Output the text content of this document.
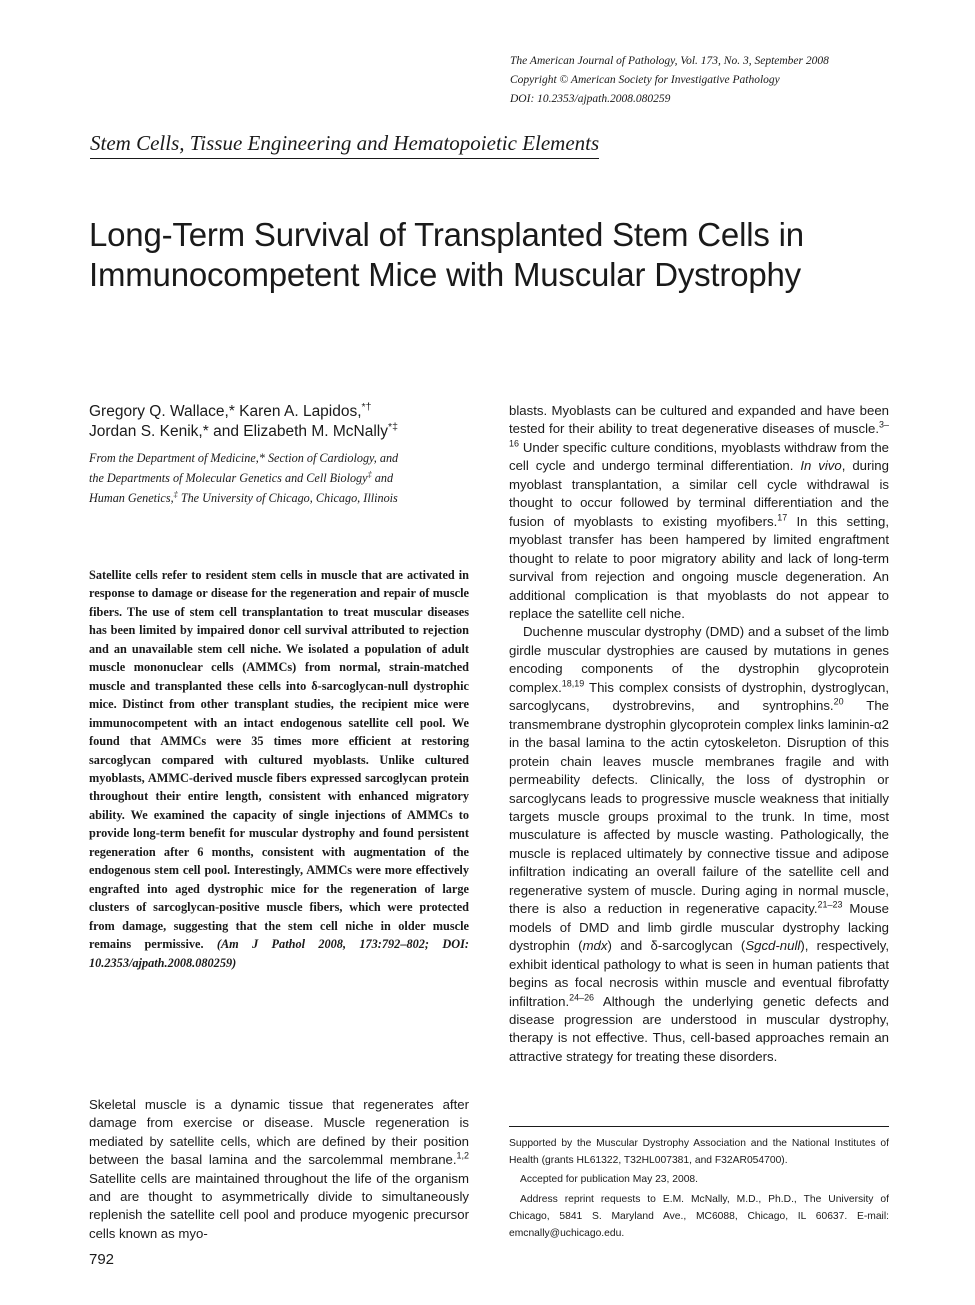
The American Journal of Pathology, Vol. 173, No. 3, September 2008
Copyright © American Society for Investigative Pathology
DOI: 10.2353/ajpath.2008.080259
Stem Cells, Tissue Engineering and Hematopoietic Elements
Long-Term Survival of Transplanted Stem Cells in
Immunocompetent Mice with Muscular Dystrophy
Gregory Q. Wallace,* Karen A. Lapidos,*†
Jordan S. Kenik,* and Elizabeth M. McNally*‡
From the Department of Medicine,* Section of Cardiology, and
the Departments of Molecular Genetics and Cell Biology‡ and
Human Genetics,‡ The University of Chicago, Chicago, Illinois
Satellite cells refer to resident stem cells in muscle that are activated in response to damage or disease for the regeneration and repair of muscle fibers. The use of stem cell transplantation to treat muscular diseases has been limited by impaired donor cell survival attributed to rejection and an unavailable stem cell niche. We isolated a population of adult muscle mononuclear cells (AMMCs) from normal, strain-matched muscle and transplanted these cells into δ-sarcoglycan-null dystrophic mice. Distinct from other transplant studies, the recipient mice were immunocompetent with an intact endogenous satellite cell pool. We found that AMMCs were 35 times more efficient at restoring sarcoglycan compared with cultured myoblasts. Unlike cultured myoblasts, AMMC-derived muscle fibers expressed sarcoglycan protein throughout their entire length, consistent with enhanced migratory ability. We examined the capacity of single injections of AMMCs to provide long-term benefit for muscular dystrophy and found persistent regeneration after 6 months, consistent with augmentation of the endogenous stem cell pool. Interestingly, AMMCs were more effectively engrafted into aged dystrophic mice for the regeneration of large clusters of sarcoglycan-positive muscle fibers, which were protected from damage, suggesting that the stem cell niche in older muscle remains permissive. (Am J Pathol 2008, 173:792–802; DOI: 10.2353/ajpath.2008.080259)

Skeletal muscle is a dynamic tissue that regenerates after damage from exercise or disease. Muscle regeneration is mediated by satellite cells, which are defined by their position between the basal lamina and the sarcolemmal membrane.$^{1,2}$ Satellite cells are maintained throughout the life of the organism and are thought to asymmetrically divide to simultaneously replenish the satellite cell pool and produce myogenic precursor cells known as myo-

blasts. Myoblasts can be cultured and expanded and have been tested for their ability to treat degenerative diseases of muscle.$^{3-16}$ Under specific culture conditions, myoblasts withdraw from the cell cycle and undergo terminal differentiation. In vivo, during myoblast transplantation, a similar cell cycle withdrawal is thought to occur followed by terminal differentiation and the fusion of myoblasts to existing myofibers.$^{17}$ In this setting, myoblast transfer has been hampered by limited engraftment thought to relate to poor migratory ability and lack of long-term survival from rejection and ongoing muscle degeneration. An additional complication is that myoblasts do not appear to replace the satellite cell niche.

Duchenne muscular dystrophy (DMD) and a subset of the limb girdle muscular dystrophies are caused by mutations in genes encoding components of the dystrophin glycoprotein complex.$^{18,19}$ This complex consists of dystrophin, dystroglycan, sarcoglycans, dystrobrevins, and syntrophins.$^{20}$ The transmembrane dystrophin glycoprotein complex links laminin-α2 in the basal lamina to the actin cytoskeleton. Disruption of this protein chain leaves muscle membranes fragile and with permeability defects. Clinically, the loss of dystrophin or sarcoglycans leads to progressive muscle weakness that initially targets muscle groups proximal to the trunk. In time, most musculature is affected by muscle wasting. Pathologically, the muscle is replaced ultimately by connective tissue and adipose infiltration indicating an overall failure of the satellite cell and regenerative system of muscle. During aging in normal muscle, there is also a reduction in regenerative capacity.$^{21-23}$ Mouse models of DMD and limb girdle muscular dystrophy lacking dystrophin (mdx) and δ-sarcoglycan (Sgcd-null), respectively, exhibit identical pathology to what is seen in human patients that begins as focal necrosis within muscle and eventual fibrofatty infiltration.$^{24-26}$ Although the underlying genetic defects and disease progression are understood in muscular dystrophy, therapy is not effective. Thus, cell-based approaches remain an attractive strategy for treating these disorders.

Supported by the Muscular Dystrophy Association and the National Institutes of Health (grants HL61322, T32HL007381, and F32AR054700).

Accepted for publication May 23, 2008.

Address reprint requests to E.M. McNally, M.D., Ph.D., The University of Chicago, 5841 S. Maryland Ave., MC6088, Chicago, IL 60637. E-mail: emcnally@uchicago.edu.

792
